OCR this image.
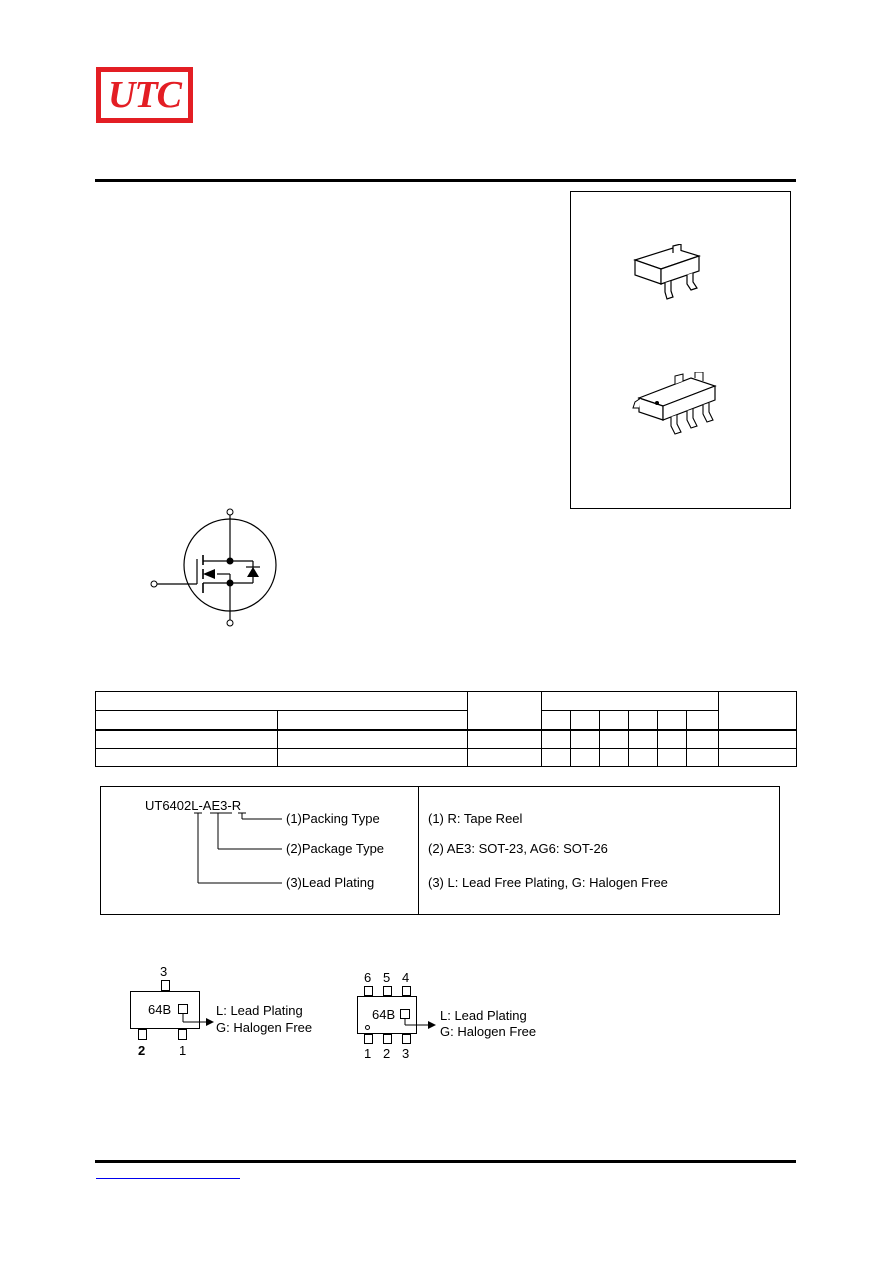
UTC

UT6402L-AE3-R
(1)Packing Type
(2)Package Type
(3)Lead Plating
(1) R: Tape Reel
(2) AE3: SOT-23, AG6: SOT-26
(3) L: Lead Free Plating, G: Halogen Free
3
64B
2	1
L: Lead Plating
G: Halogen Free
6 5 4
64B
1 2 3
L: Lead Plating
G: Halogen Free
